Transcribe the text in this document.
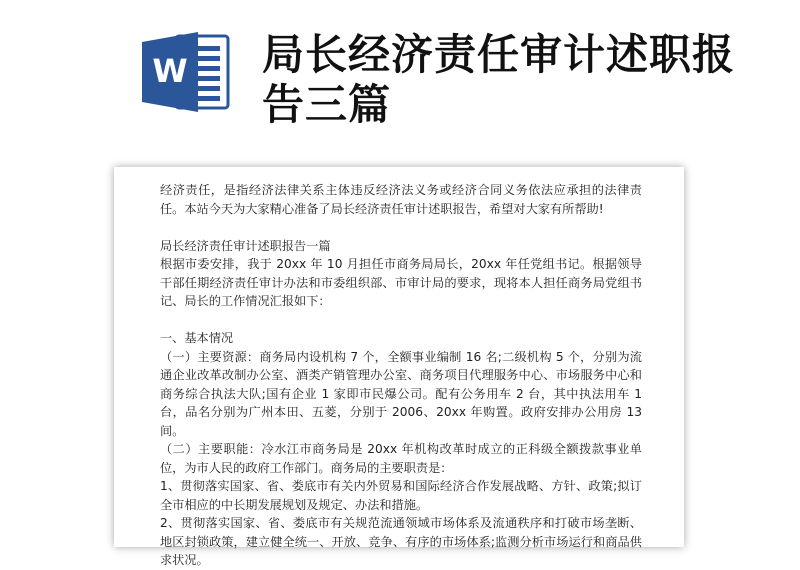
W 局长经济责任审计述职报告三篇

经济责任，是指经济法律关系主体违反经济法义务或经济合同义务依法应承担的法律责任。本站今天为大家精心准备了局长经济责任审计述职报告，希望对大家有所帮助!

局长经济责任审计述职报告一篇

根据市委安排，我于 20xx 年 10 月担任市商务局局长，20xx 年任党组书记。根据领导干部任期经济责任审计办法和市委组织部、市审计局的要求，现将本人担任商务局党组书记、局长的工作情况汇报如下：

一、基本情况

（一）主要资源：商务局内设机构 7 个，全额事业编制 16 名;二级机构 5 个，分别为流通企业改革改制办公室、酒类产销管理办公室、商务项目代理服务中心、市场服务中心和商务综合执法大队;国有企业 1 家即市民爆公司。配有公务用车 2 台，其中执法用车 1 台，品名分别为广州本田、五菱，分别于 2006、20xx 年购置。政府安排办公用房 13 间。

（二）主要职能：冷水江市商务局是 20xx 年机构改革时成立的正科级全额拨款事业单位，为市人民的政府工作部门。商务局的主要职责是：

1、贯彻落实国家、省、娄底市有关内外贸易和国际经济合作发展战略、方针、政策;拟订全市相应的中长期发展规划及规定、办法和措施。

2、贯彻落实国家、省、娄底市有关规范流通领域市场体系及流通秩序和打破市场垄断、地区封锁政策，建立健全统一、开放、竞争、有序的市场体系;监测分析市场运行和商品供求状况。
